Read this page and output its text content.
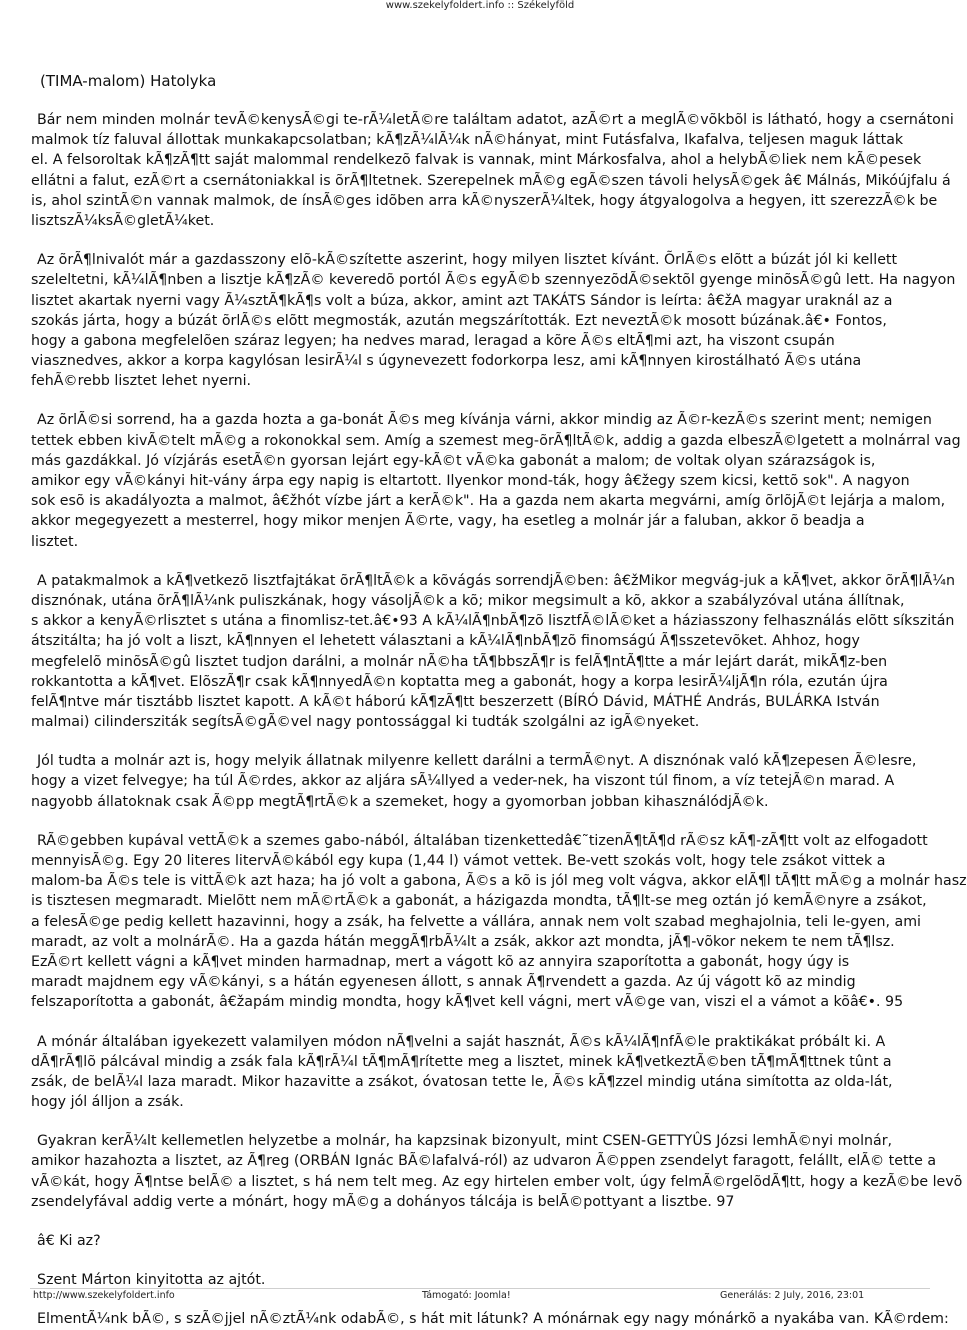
www.szekelyfoldert.info :: Székelyföld
(TIMA-malom) Hatolyka

Bár nem minden molnár tevÃ©kenysÃ©gi te-rÃ¼letÃ©re találtam adatot, azÃ©rt a meglÃ©võkbõl is látható, hogy a csernátoni
malmok tíz faluval állottak munkakapcsolatban; kÃ¶zÃ¼lÃ¼k nÃ©hányat, mint Futásfalva, Ikafalva, teljesen maguk láttak
el. A felsoroltak kÃ¶zÃ¶tt saját malommal rendelkezõ falvak is vannak, mint Márkosfalva, ahol a helybÃ©liek nem kÃ©pesek
ellátni a falut, ezÃ©rt a csernátoniakkal is õrÃ¶ltetnek. Szerepelnek mÃ©g egÃ©szen távoli helysÃ©gek â€ Málnás, Mikóújfalu á
is, ahol szintÃ©n vannak malmok, de ínsÃ©ges idõben arra kÃ©nyszerÃ¼ltek, hogy átgyalogolva a hegyen, itt szerezzÃ©k be
lisztszÃ¼ksÃ©gletÃ¼ket.

Az õrÃ¶lnivalót már a gazdasszony elõ-kÃ©szítette aszerint, hogy milyen lisztet kívánt. ÕrlÃ©s elõtt a búzát jól ki kellett
szeleltetni, kÃ¼lÃ¶nben a lisztje kÃ¶zÃ© keveredõ portól Ã©s egyÃ©b szennyezõdÃ©sektõl gyenge minõsÃ©gû lett. Ha nagyon
lisztet akartak nyerni vagy Ã¼sztÃ¶kÃ¶s volt a búza, akkor, amint azt TAKÁTS Sándor is leírta: â€žA magyar uraknál az a
szokás járta, hogy a búzát õrlÃ©s elõtt megmosták, azután megszárították. Ezt neveztÃ©k mosott búzának.â€• Fontos,
hogy a gabona megfelelõen száraz legyen; ha nedves marad, leragad a kõre Ã©s eltÃ¶mi azt, ha viszont csupán
viasznedves, akkor a korpa kagylósan lesirÃ¼l s úgynevezett fodorkorpa lesz, ami kÃ¶nnyen kirostálható Ã©s utána
fehÃ©rebb lisztet lehet nyerni.

Az õrlÃ©si sorrend, ha a gazda hozta a ga-bonát Ã©s meg kívánja várni, akkor mindig az Ã©r-kezÃ©s szerint ment; nemigen
tettek ebben kivÃ©telt mÃ©g a rokonokkal sem. Amíg a szemest meg-õrÃ¶ltÃ©k, addig a gazda elbeszÃ©lgetett a molnárral vag
más gazdákkal. Jó vízjárás esetÃ©n gyorsan lejárt egy-kÃ©t vÃ©ka gabonát a malom; de voltak olyan szárazságok is,
amikor egy vÃ©kányi hit-vány árpa egy napig is eltartott. Ilyenkor mond-ták, hogy â€žegy szem kicsi, kettõ sok". A nagyon
sok esõ is akadályozta a malmot, â€žhót vízbe járt a kerÃ©k". Ha a gazda nem akarta megvárni, amíg õrlõjÃ©t lejárja a malom,
akkor megegyezett a mesterrel, hogy mikor menjen Ã©rte, vagy, ha esetleg a molnár jár a faluban, akkor õ beadja a
lisztet.

A patakmalmok a kÃ¶vetkezõ lisztfajtákat õrÃ¶ltÃ©k a kõvágás sorrendjÃ©ben: â€žMikor megvág-juk a kÃ¶vet, akkor õrÃ¶lÃ¼n
disznónak, utána õrÃ¶lÃ¼nk puliszkának, hogy vásoljÃ©k a kõ; mikor megsimult a kõ, akkor a szabályzóval utána állítnak,
s akkor a kenyÃ©rlisztet s utána a finomlisz-tet.â€•93 A kÃ¼lÃ¶nbÃ¶zõ lisztfÃ©lÃ©ket a háziasszony felhasználás elõtt síkszitán
átszitálta; ha jó volt a liszt, kÃ¶nnyen el lehetett választani a kÃ¼lÃ¶nbÃ¶zõ finomságú Ã¶sszetevõket. Ahhoz, hogy
megfelelõ minõsÃ©gû lisztet tudjon darálni, a molnár nÃ©ha tÃ¶bbszÃ¶r is felÃ¶ntÃ¶tte a már lejárt darát, mikÃ¶z-ben
rokkantotta a kÃ¶vet. ElõszÃ¶r csak kÃ¶nnyedÃ©n koptatta meg a gabonát, hogy a korpa lesirÃ¼ljÃ¶n róla, ezután újra
felÃ¶ntve már tisztább lisztet kapott. A kÃ©t háború kÃ¶zÃ¶tt beszerzett (BÍRÓ Dávid, MÁTHÉ András, BULÁRKA István
malmai) cilindersziták segítsÃ©gÃ©vel nagy pontossággal ki tudták szolgálni az igÃ©nyeket.

Jól tudta a molnár azt is, hogy melyik állatnak milyenre kellett darálni a termÃ©nyt. A disznónak való kÃ¶zepesen Ã©lesre,
hogy a vizet felvegye; ha túl Ã©rdes, akkor az aljára sÃ¼llyed a veder-nek, ha viszont túl finom, a víz tetejÃ©n marad. A
nagyobb állatoknak csak Ã©pp megtÃ¶rtÃ©k a szemeket, hogy a gyomorban jobban kihasználódjÃ©k.

RÃ©gebben kupával vettÃ©k a szemes gabo-nából, általában tizenkettedâ€˜tizenÃ¶tÃ¶d rÃ©sz kÃ¶-zÃ¶tt volt az elfogadott
mennyisÃ©g. Egy 20 literes litervÃ©kából egy kupa (1,44 l) vámot vettek. Be-vett szokás volt, hogy tele zsákot vittek a
malom-ba Ã©s tele is vittÃ©k azt haza; ha jó volt a gabona, Ã©s a kõ is jól meg volt vágva, akkor elÃ¶l tÃ¶tt mÃ©g a molnár hasz
is tisztesen megmaradt. Mielõtt nem mÃ©rtÃ©k a gabonát, a házigazda mondta, tÃ¶lt-se meg oztán jó kemÃ©nyre a zsákot,
a felesÃ©ge pedig kellett hazavinni, hogy a zsák, ha felvette a vállára, annak nem volt szabad meghajolnia, teli le-gyen, ami
maradt, az volt a molnárÃ©. Ha a gazda hátán meggÃ¶rbÃ¼lt a zsák, akkor azt mondta, jÃ¶-võkor nekem te nem tÃ¶lsz.
EzÃ©rt kellett vágni a kÃ¶vet minden harmadnap, mert a vágott kõ az annyira szaporította a gabonát, hogy úgy is
maradt majdnem egy vÃ©kányi, s a hátán egyenesen állott, s annak Ã¶rvendett a gazda. Az új vágott kõ az mindig
felszaporította a gabonát, â€žapám mindig mondta, hogy kÃ¶vet kell vágni, mert vÃ©ge van, viszi el a vámot a kõâ€•. 95

A mónár általában igyekezett valamilyen módon nÃ¶velni a saját hasznát, Ã©s kÃ¼lÃ¶nfÃ©le praktikákat próbált ki. A
dÃ¶rÃ¶lõ pálcával mindig a zsák fala kÃ¶rÃ¼l tÃ¶mÃ¶rítette meg a lisztet, minek kÃ¶vetkeztÃ©ben tÃ¶mÃ¶ttnek tûnt a
zsák, de belÃ¼l laza maradt. Mikor hazavitte a zsákot, óvatosan tette le, Ã©s kÃ¶zzel mindig utána simította az olda-lát,
hogy jól álljon a zsák.

Gyakran kerÃ¼lt kellemetlen helyzetbe a molnár, ha kapzsinak bizonyult, mint CSEN-GETTYÛS Józsi lemhÃ©nyi molnár,
amikor hazahozta a lisztet, az Ã¶reg (ORBÁN Ignác BÃ©lafalvá-ról) az udvaron Ã©ppen zsendelyt faragott, felállt, elÃ© tette a
vÃ©kát, hogy Ã¶ntse belÃ© a lisztet, s há nem telt meg. Az egy hirtelen ember volt, úgy felmÃ©rgelõdÃ¶tt, hogy a kezÃ©be levõ
zsendelyfával addig verte a mónárt, hogy mÃ©g a dohányos tálcája is belÃ©pottyant a lisztbe. 97

â€ Ki az?

Szent Márton kinyitotta az ajtót.

ElmentÃ¼nk bÃ©, s szÃ©jjel nÃ©ztÃ¼nk odabÃ©, s hát mit látunk? A mónárnak egy nagy mónárkõ a nyakába van. KÃ©rdem:

http://www.szekelyfoldert.info	Támogató: Joomla!	Generálás: 2 July, 2016, 23:01
